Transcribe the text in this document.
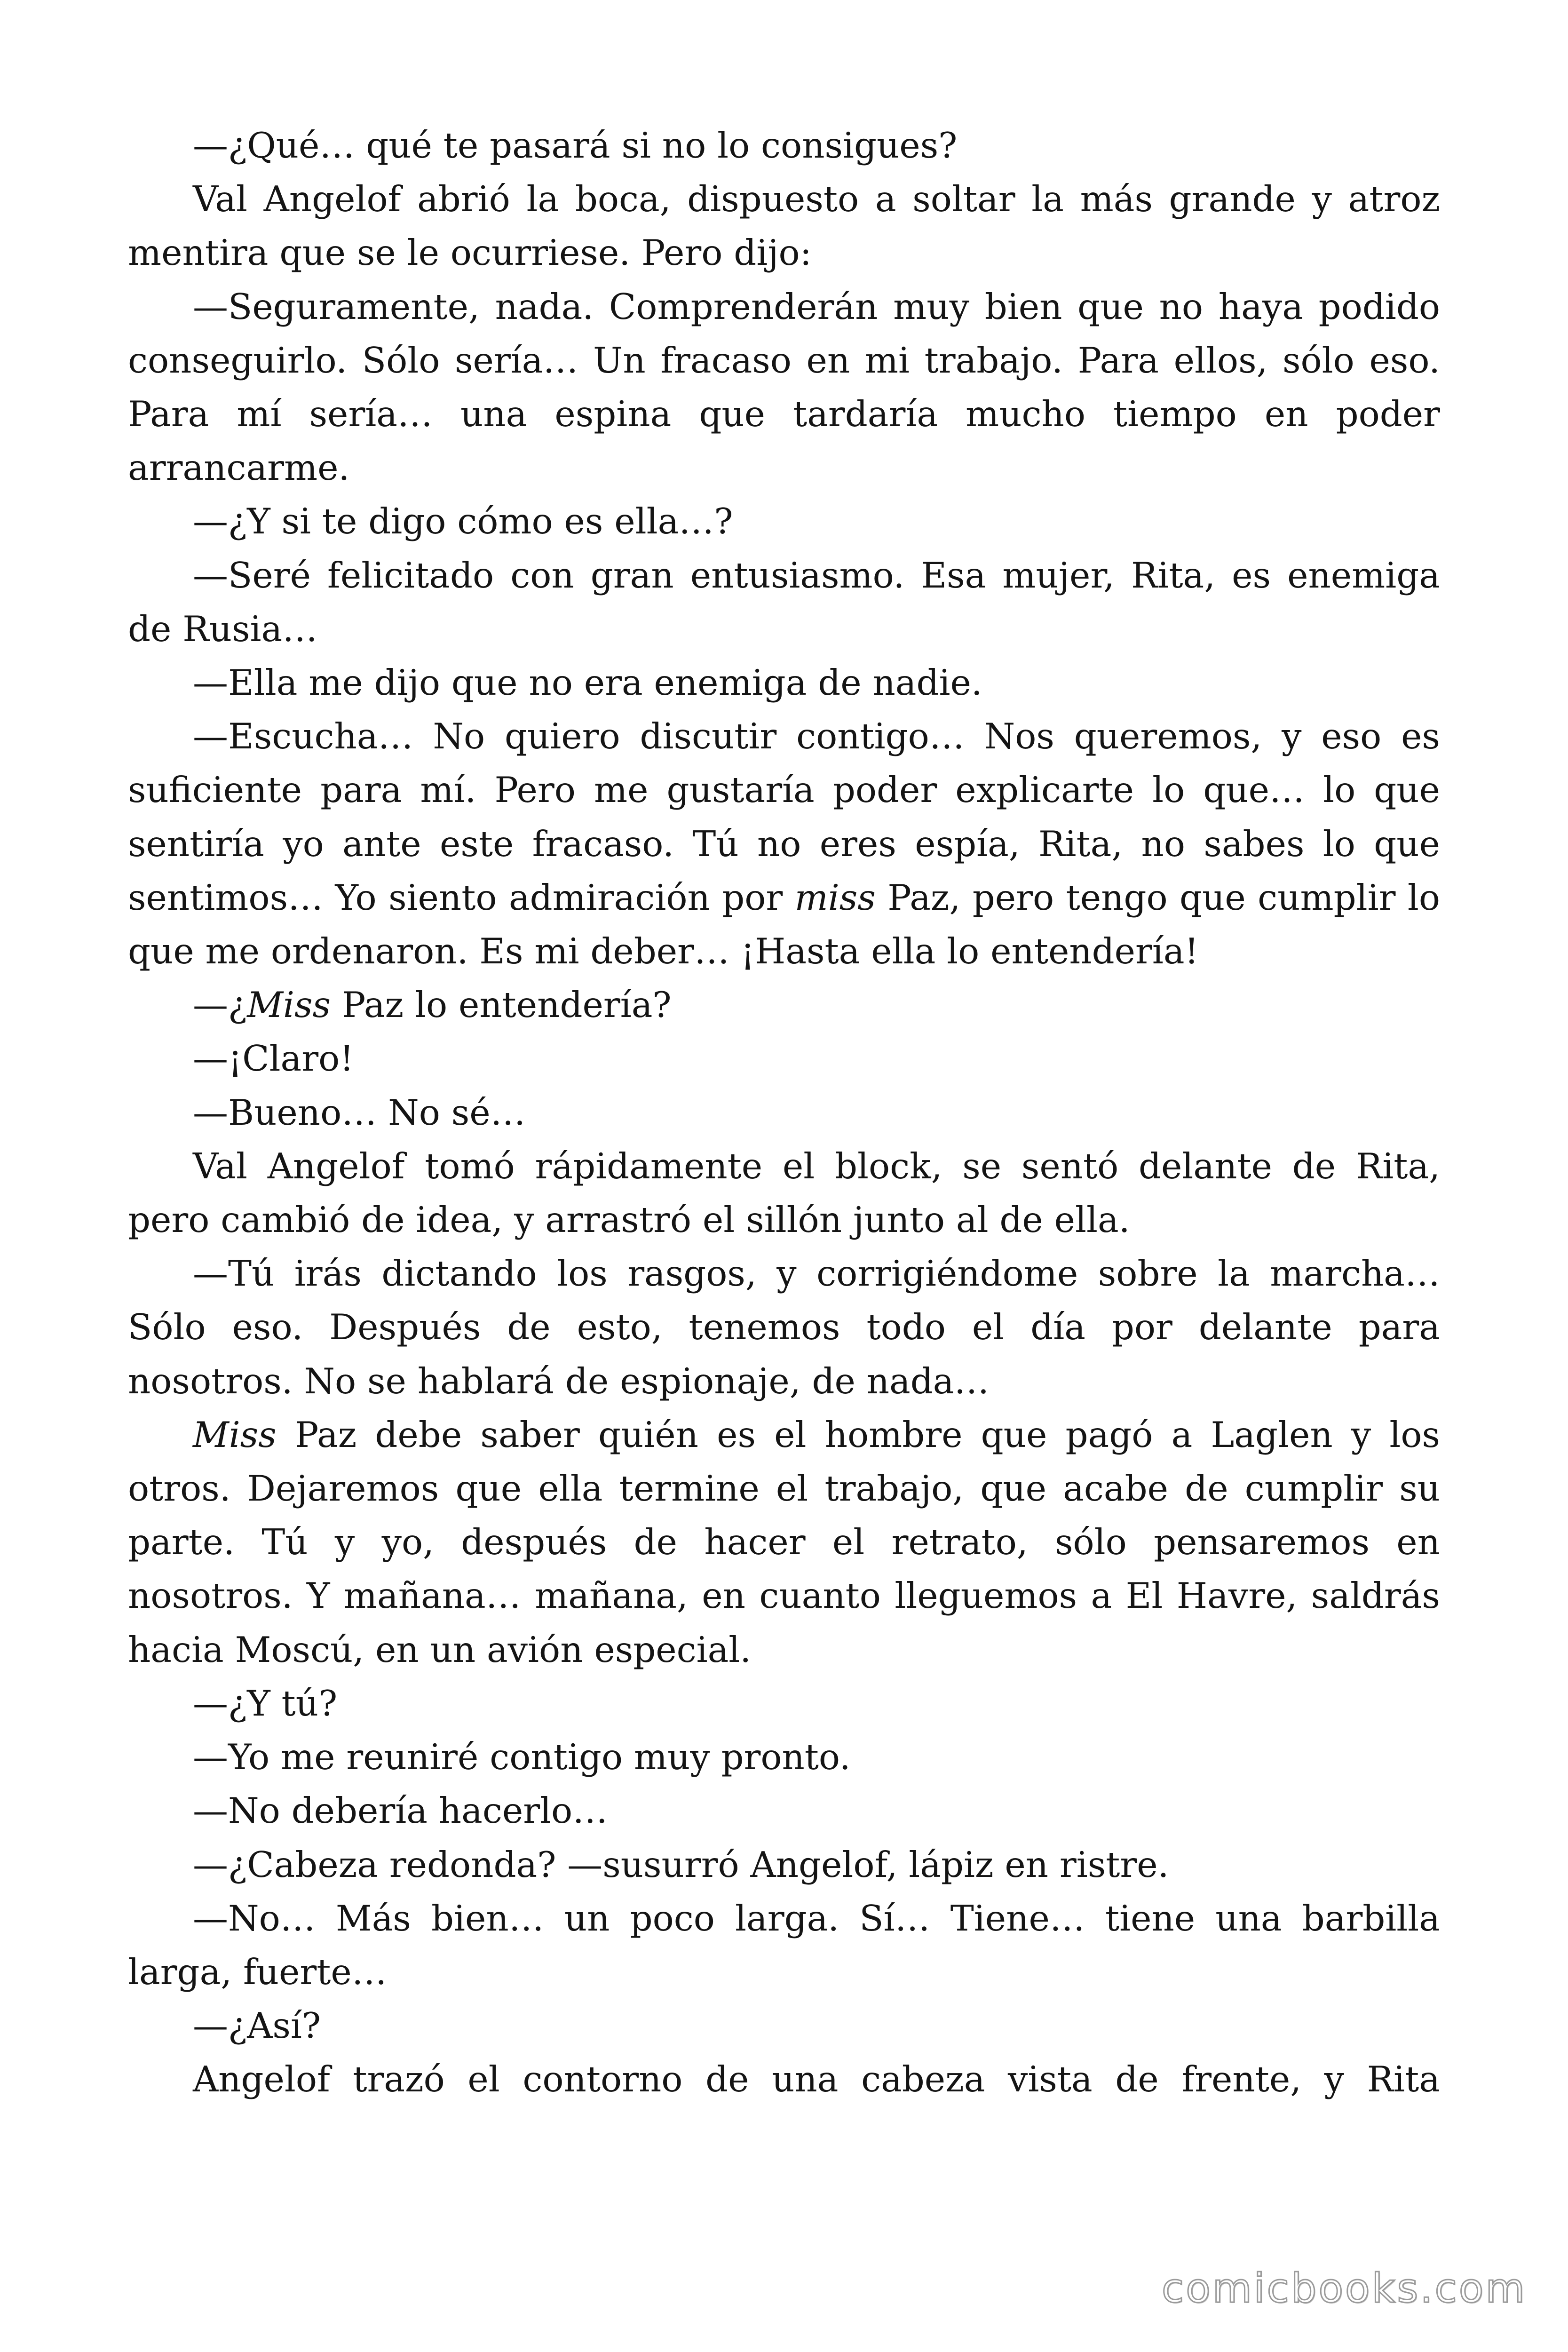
—¿Qué… qué te pasará si no lo consigues?

Val Angelof abrió la boca, dispuesto a soltar la más grande y atroz mentira que se le ocurriese. Pero dijo:

—Seguramente, nada. Comprenderán muy bien que no haya podido conseguirlo. Sólo sería… Un fracaso en mi trabajo. Para ellos, sólo eso. Para mí sería… una espina que tardaría mucho tiempo en poder arrancarme.

—¿Y si te digo cómo es ella…?

—Seré felicitado con gran entusiasmo. Esa mujer, Rita, es enemiga de Rusia…

—Ella me dijo que no era enemiga de nadie.

—Escucha… No quiero discutir contigo… Nos queremos, y eso es suficiente para mí. Pero me gustaría poder explicarte lo que… lo que sentiría yo ante este fracaso. Tú no eres espía, Rita, no sabes lo que sentimos… Yo siento admiración por miss Paz, pero tengo que cumplir lo que me ordenaron. Es mi deber… ¡Hasta ella lo entendería!

—¿Miss Paz lo entendería?

—¡Claro!

—Bueno… No sé…

Val Angelof tomó rápidamente el block, se sentó delante de Rita, pero cambió de idea, y arrastró el sillón junto al de ella.

—Tú irás dictando los rasgos, y corrigiéndome sobre la marcha… Sólo eso. Después de esto, tenemos todo el día por delante para nosotros. No se hablará de espionaje, de nada…

Miss Paz debe saber quién es el hombre que pagó a Laglen y los otros. Dejaremos que ella termine el trabajo, que acabe de cumplir su parte. Tú y yo, después de hacer el retrato, sólo pensaremos en nosotros. Y mañana… mañana, en cuanto lleguemos a El Havre, saldrás hacia Moscú, en un avión especial.

—¿Y tú?

—Yo me reuniré contigo muy pronto.

—No debería hacerlo…

—¿Cabeza redonda? —susurró Angelof, lápiz en ristre.

—No… Más bien… un poco larga. Sí… Tiene… tiene una barbilla larga, fuerte…

—¿Así?

Angelof trazó el contorno de una cabeza vista de frente, y Rita

comicbooks.com
